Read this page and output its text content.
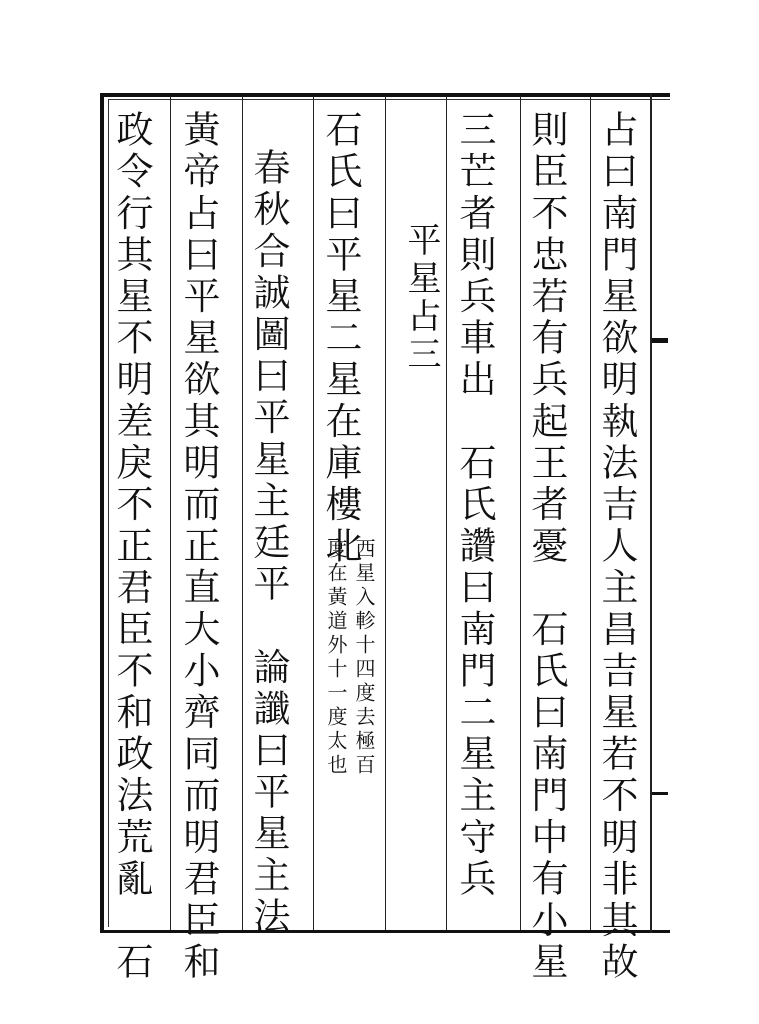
占曰南門星欲明執法吉人主昌吉星若不明非其故
則臣不忠若有兵起王者憂　石氏曰南門中有小星
三芒者則兵車出　石氏讚曰南門二星主守兵
平星占三
石氏曰平星二星在庫樓北
西星入軫十四度去極百
度在黃道外十一度太也
春秋合誠圖曰平星主廷平　論讖曰平星主法
黃帝占曰平星欲其明而正直大小齊同而明君臣和
政令行其星不明差戾不正君臣不和政法荒亂　石
